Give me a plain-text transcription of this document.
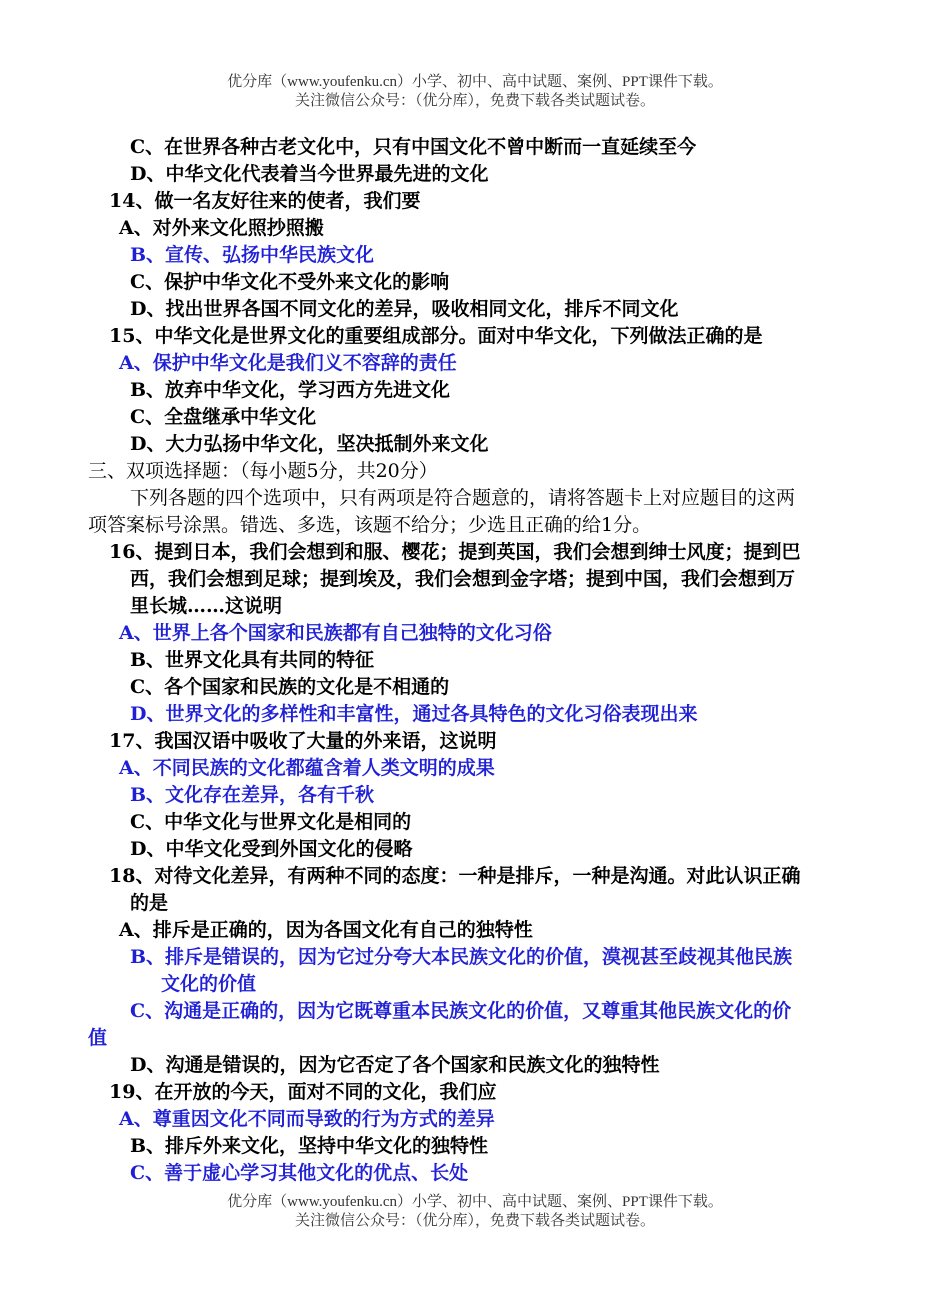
优分库（www.youfenku.cn）小学、初中、高中试题、案例、PPT课件下载。
关注微信公众号：（优分库），免费下载各类试题试卷。
C、在世界各种古老文化中，只有中国文化不曾中断而一直延续至今
D、中华文化代表着当今世界最先进的文化
14、做一名友好往来的使者，我们要
A、对外来文化照抄照搬
B、宣传、弘扬中华民族文化
C、保护中华文化不受外来文化的影响
D、找出世界各国不同文化的差异，吸收相同文化，排斥不同文化
15、中华文化是世界文化的重要组成部分。面对中华文化，下列做法正确的是
A、保护中华文化是我们义不容辞的责任
B、放弃中华文化，学习西方先进文化
C、全盘继承中华文化
D、大力弘扬中华文化，坚决抵制外来文化
三、双项选择题：（每小题5分，共20分）
下列各题的四个选项中，只有两项是符合题意的，请将答题卡上对应题目的这两
项答案标号涂黑。错选、多选，该题不给分；少选且正确的给1分。
16、提到日本，我们会想到和服、樱花；提到英国，我们会想到绅士风度；提到巴
西，我们会想到足球；提到埃及，我们会想到金字塔；提到中国，我们会想到万
里长城……这说明
A、世界上各个国家和民族都有自己独特的文化习俗
B、世界文化具有共同的特征
C、各个国家和民族的文化是不相通的
D、世界文化的多样性和丰富性，通过各具特色的文化习俗表现出来
17、我国汉语中吸收了大量的外来语，这说明
A、不同民族的文化都蕴含着人类文明的成果
B、文化存在差异，各有千秋
C、中华文化与世界文化是相同的
D、中华文化受到外国文化的侵略
18、对待文化差异，有两种不同的态度：一种是排斥，一种是沟通。对此认识正确
的是
A、排斥是正确的，因为各国文化有自己的独特性
B、排斥是错误的，因为它过分夸大本民族文化的价值，漠视甚至歧视其他民族
文化的价值
C、沟通是正确的，因为它既尊重本民族文化的价值，又尊重其他民族文化的价
值
D、沟通是错误的，因为它否定了各个国家和民族文化的独特性
19、在开放的今天，面对不同的文化，我们应
A、尊重因文化不同而导致的行为方式的差异
B、排斥外来文化，坚持中华文化的独特性
C、善于虚心学习其他文化的优点、长处
优分库（www.youfenku.cn）小学、初中、高中试题、案例、PPT课件下载。
关注微信公众号：（优分库），免费下载各类试题试卷。
